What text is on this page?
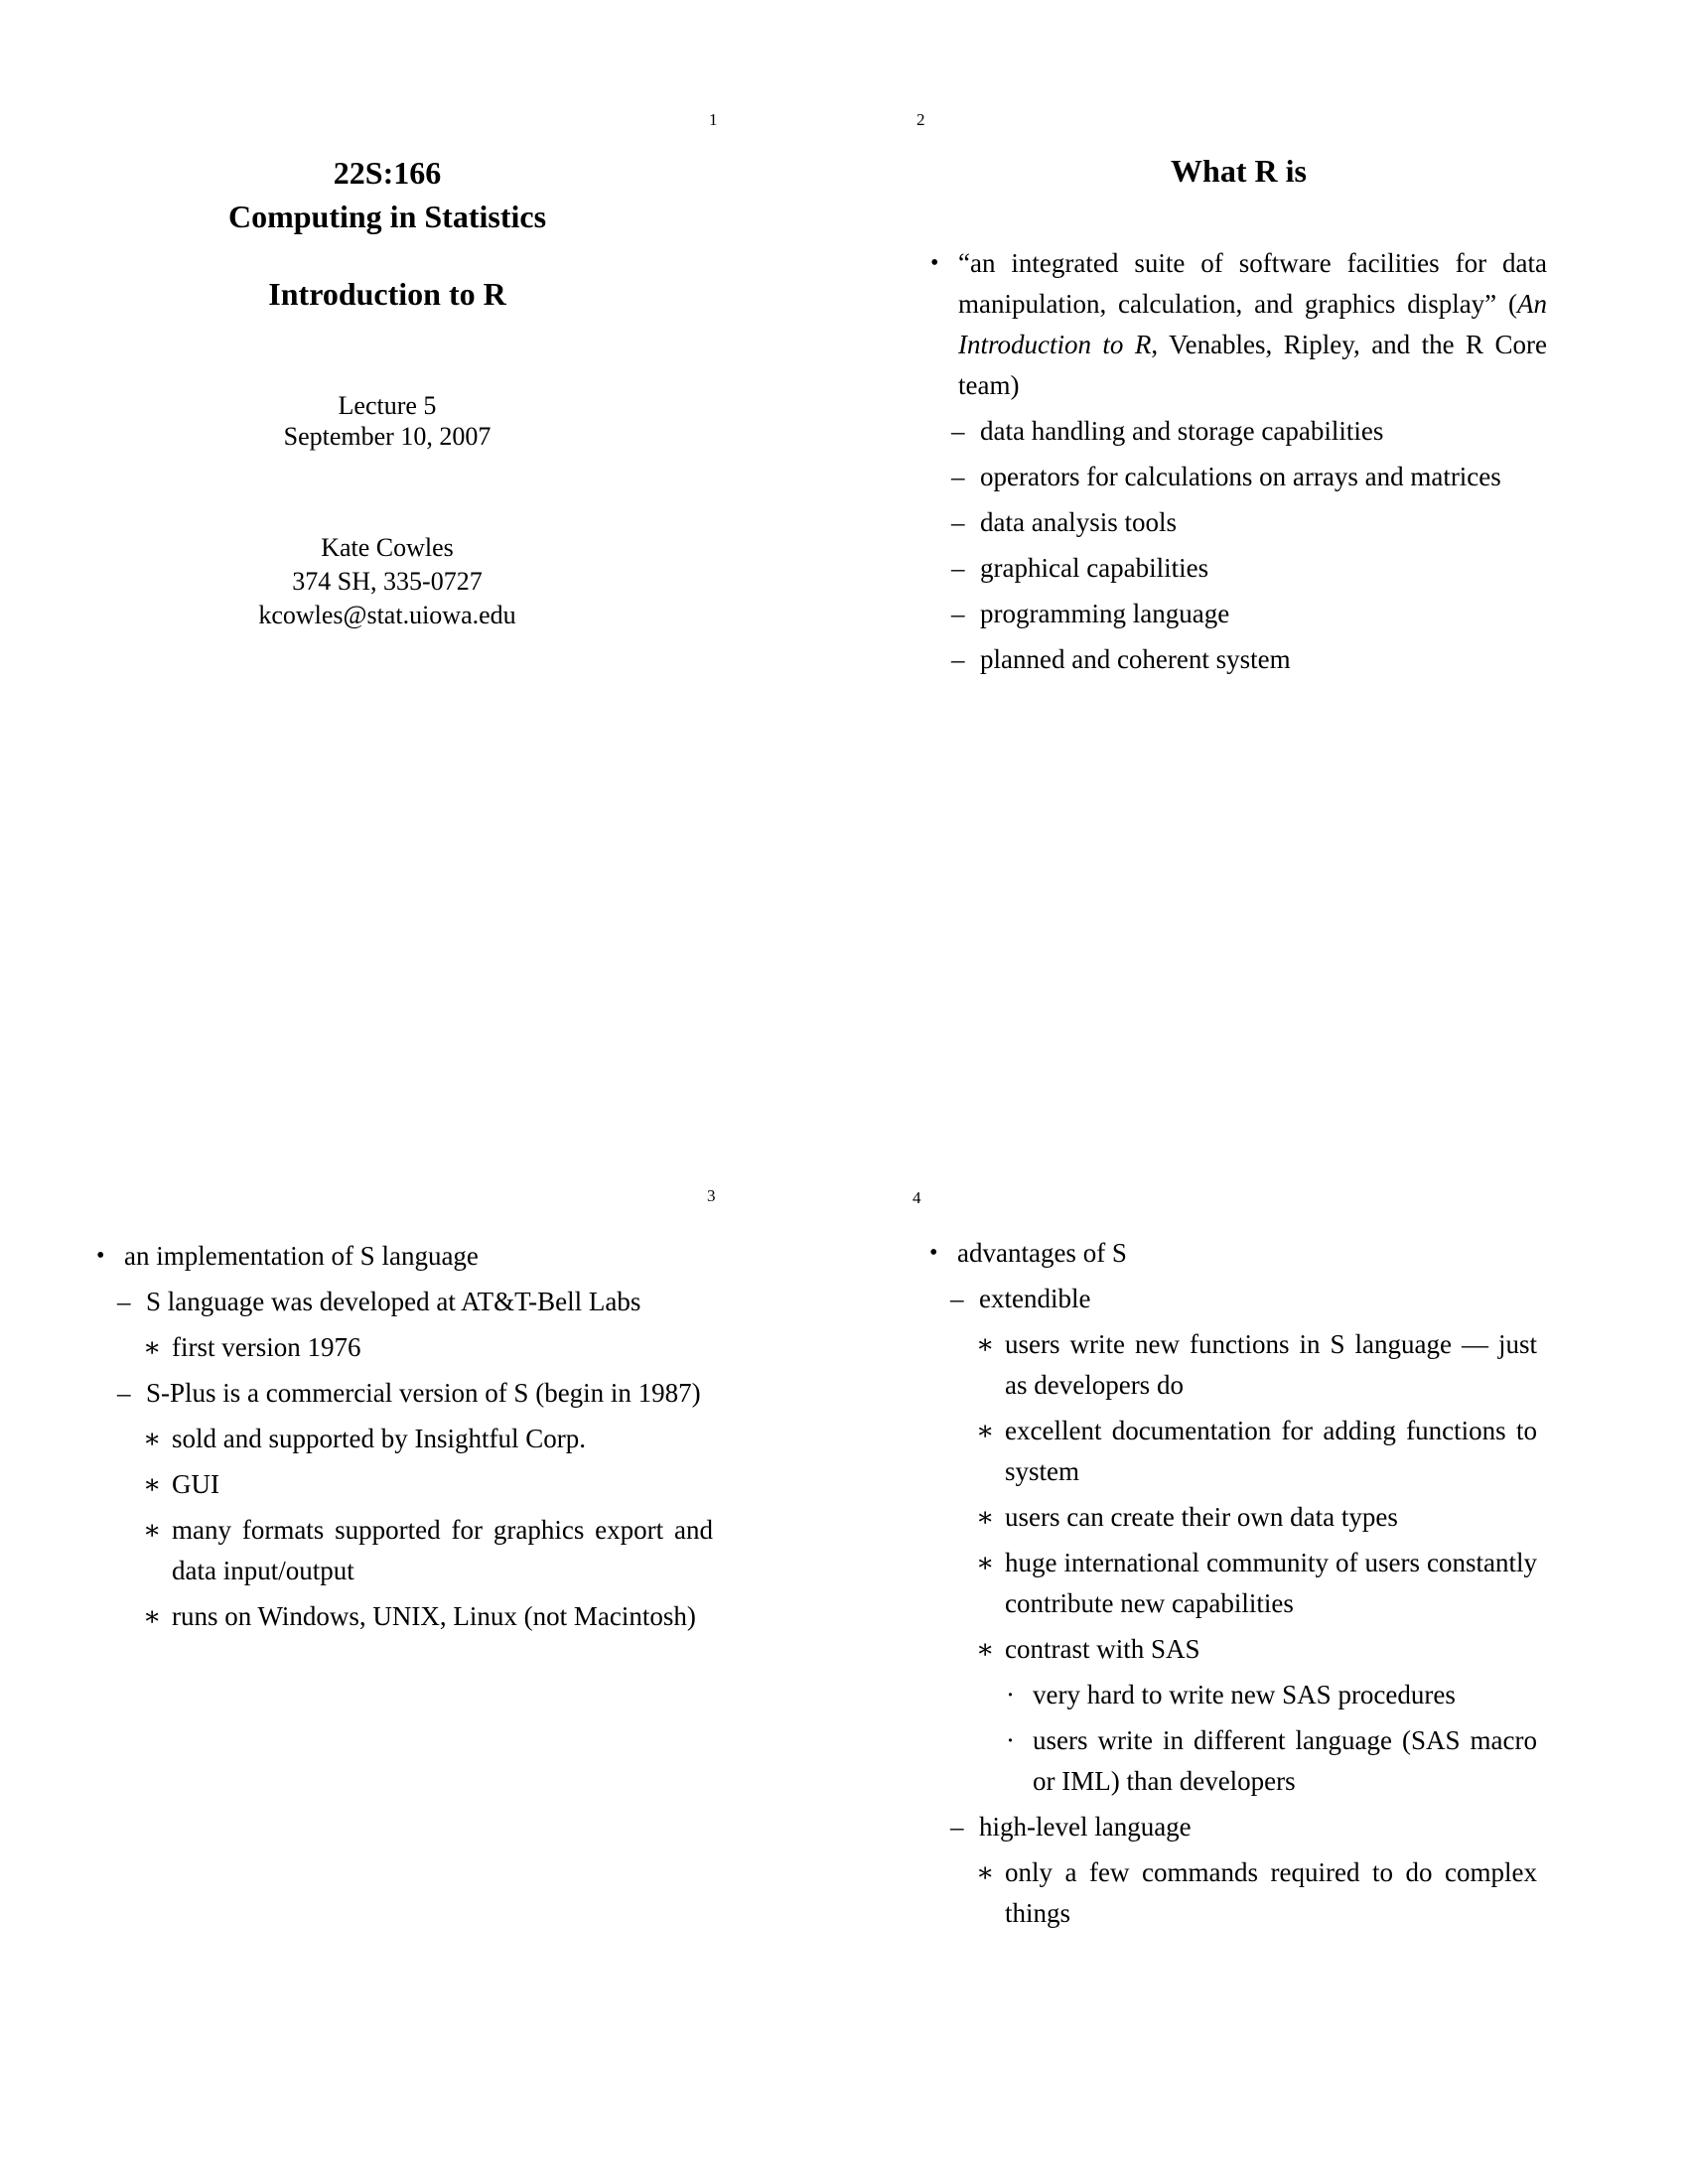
1	2
3	4
22S:166
Computing in Statistics
Introduction to R
Lecture 5
September 10, 2007
Kate Cowles
374 SH, 335-0727
kcowles@stat.uiowa.edu
What R is
• “an integrated suite of software facilities for data manipulation, calculation, and graphics display” (An Introduction to R, Venables, Ripley, and the R Core team)
– data handling and storage capabilities
– operators for calculations on arrays and matrices
– data analysis tools
– graphical capabilities
– programming language
– planned and coherent system
• an implementation of S language
– S language was developed at AT&T-Bell Labs
∗ first version 1976
– S-Plus is a commercial version of S (begin in 1987)
∗ sold and supported by Insightful Corp.
∗ GUI
∗ many formats supported for graphics export and data input/output
∗ runs on Windows, UNIX, Linux (not Macintosh)
• advantages of S
– extendible
∗ users write new functions in S language — just as developers do
∗ excellent documentation for adding functions to system
∗ users can create their own data types
∗ huge international community of users constantly contribute new capabilities
∗ contrast with SAS
· very hard to write new SAS procedures
· users write in different language (SAS macro or IML) than developers
– high-level language
∗ only a few commands required to do complex things
